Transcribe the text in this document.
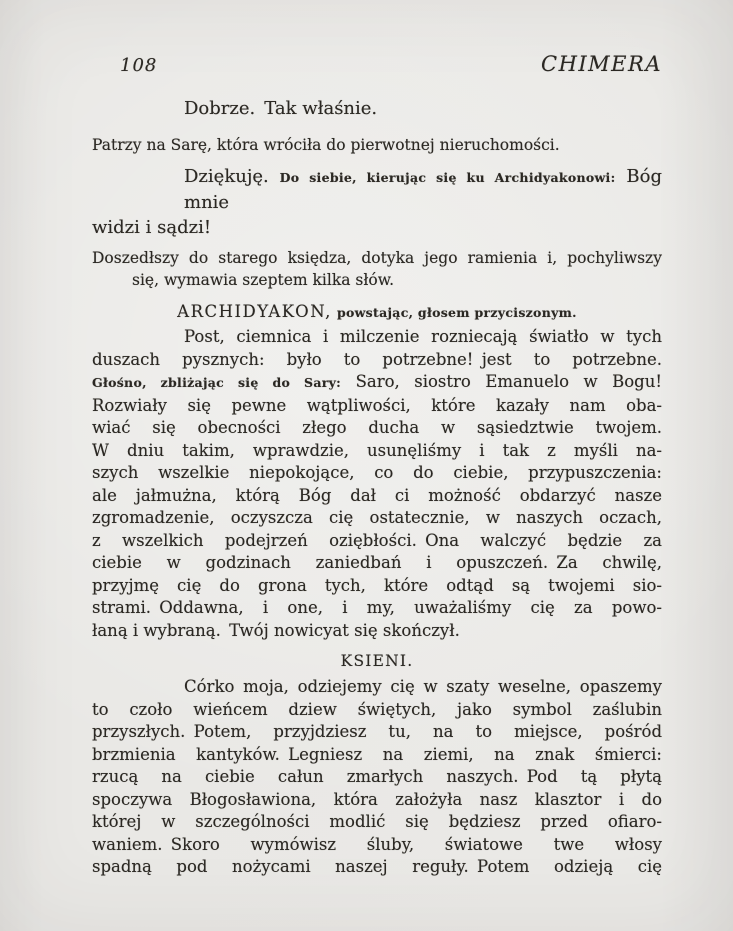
108	CHIMERA
Dobrze. Tak właśnie.
Patrzy na Sarę, która wróciła do pierwotnej nieruchomości.
Dziękuję. Do siebie, kierując się ku Archidyakonowi: Bóg mnie
widzi i sądzi!
Doszedłszy do starego księdza, dotyka jego ramienia i, pochyliwszy
się, wymawia szeptem kilka słów.
ARCHIDYAKON, powstając, głosem przyciszonym.
Post, ciemnica i milczenie rozniecają światło w tych
duszach pysznych: było to potrzebne! jest to potrzebne.
Głośno, zbliżając się do Sary: Saro, siostro Emanuelo w Bogu!
Rozwiały się pewne wątpliwości, które kazały nam oba-
wiać się obecności złego ducha w sąsiedztwie twojem.
W dniu takim, wprawdzie, usunęliśmy i tak z myśli na-
szych wszelkie niepokojące, co do ciebie, przypuszczenia:
ale jałmużna, którą Bóg dał ci możność obdarzyć nasze
zgromadzenie, oczyszcza cię ostatecznie, w naszych oczach,
z wszelkich podejrzeń oziębłości. Ona walczyć będzie za
ciebie w godzinach zaniedbań i opuszczeń. Za chwilę,
przyjmę cię do grona tych, które odtąd są twojemi sio-
strami. Oddawna, i one, i my, uważaliśmy cię za powo-
łaną i wybraną. Twój nowicyat się skończył.
KSIENI.
Córko moja, odziejemy cię w szaty weselne, opaszemy
to czoło wieńcem dziew świętych, jako symbol zaślubin
przyszłych. Potem, przyjdziesz tu, na to miejsce, pośród
brzmienia kantyków. Legniesz na ziemi, na znak śmierci:
rzucą na ciebie całun zmarłych naszych. Pod tą płytą
spoczywa Błogosławiona, która założyła nasz klasztor i do
której w szczególności modlić się będziesz przed ofiaro-
waniem. Skoro wymówisz śluby, światowe twe włosy
spadną pod nożycami naszej reguły. Potem odzieją cię
